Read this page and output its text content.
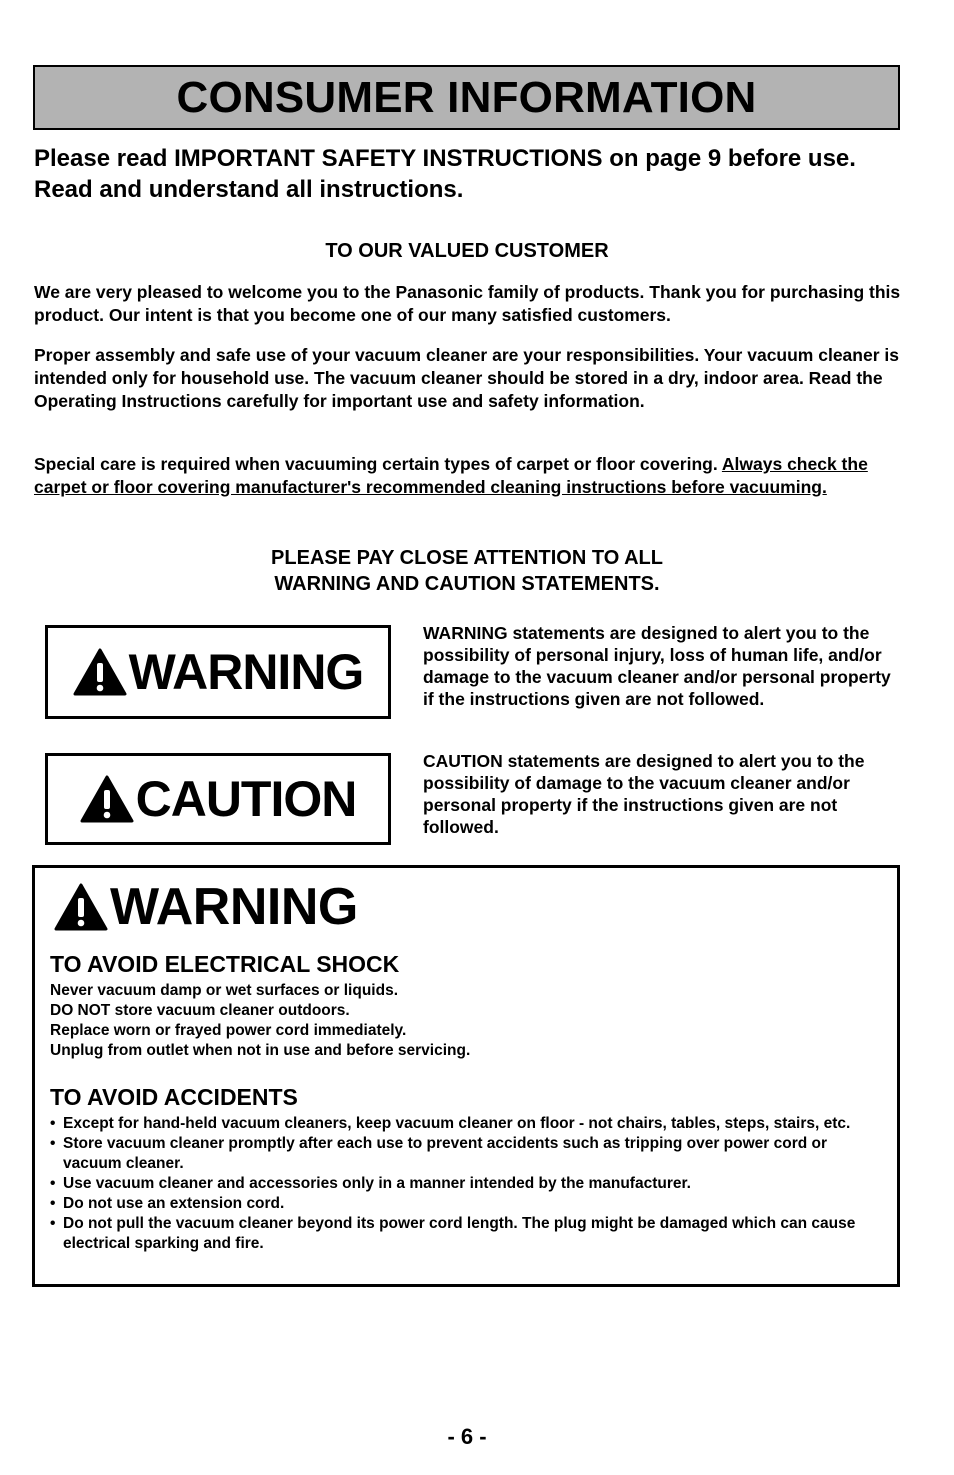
CONSUMER INFORMATION
Please read IMPORTANT SAFETY INSTRUCTIONS on page 9 before use. Read and understand all instructions.
TO OUR VALUED CUSTOMER
We are very pleased to welcome you to the Panasonic family of products. Thank you for purchasing this product. Our intent is that you become one of our many satisfied customers.
Proper assembly and safe use of your vacuum cleaner are your responsibilities. Your vacuum cleaner is intended only for household use. The vacuum cleaner should be stored in a dry, indoor area. Read the Operating Instructions carefully for important use and safety information.
Special care is required when vacuuming certain types of carpet or floor covering. Always check the carpet or floor covering manufacturer's recommended cleaning instructions before vacuuming.
PLEASE PAY CLOSE ATTENTION TO ALL
WARNING AND CAUTION STATEMENTS.
WARNING
WARNING statements are designed to alert you to the possibility of personal injury, loss of human life, and/or damage to the vacuum cleaner and/or personal property if the instructions given are not followed.
CAUTION
CAUTION statements are designed to alert you to the possibility of damage to the vacuum cleaner and/or personal property if the instructions given are not followed.
WARNING
TO AVOID ELECTRICAL SHOCK
Never vacuum damp or wet surfaces or liquids.
DO NOT store vacuum cleaner outdoors.
Replace worn or frayed power cord immediately.
Unplug from outlet when not in use and before servicing.
TO AVOID ACCIDENTS
• Except for hand-held vacuum cleaners, keep vacuum cleaner on floor - not chairs, tables, steps, stairs, etc.
• Store vacuum cleaner promptly after each use to prevent accidents such as tripping over power cord or vacuum cleaner.
• Use vacuum cleaner and accessories only in a manner intended by the manufacturer.
• Do not use an extension cord.
• Do not pull the vacuum cleaner beyond its power cord length. The plug might be damaged which can cause electrical sparking and fire.
- 6 -
